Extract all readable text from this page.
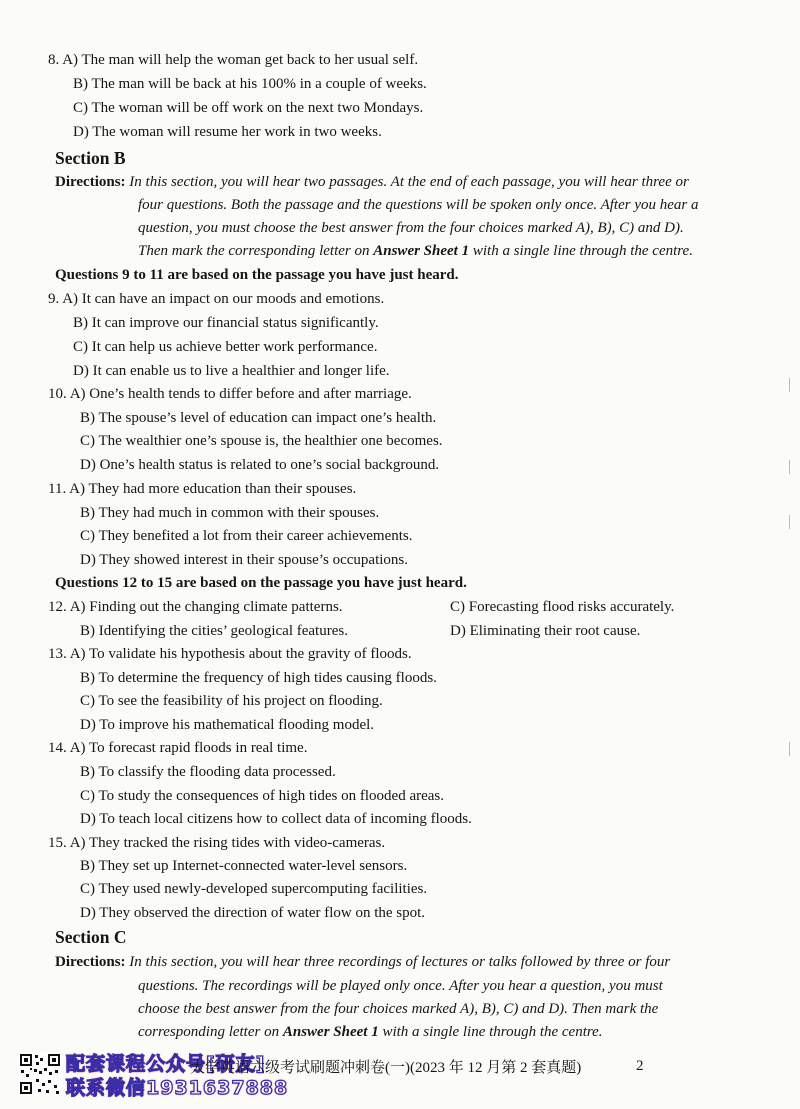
8. A) The man will help the woman get back to her usual self.
B) The man will be back at his 100% in a couple of weeks.
C) The woman will be off work on the next two Mondays.
D) The woman will resume her work in two weeks.
Section B
Directions: In this section, you will hear two passages. At the end of each passage, you will hear three or
four questions. Both the passage and the questions will be spoken only once. After you hear a
question, you must choose the best answer from the four choices marked A), B), C) and D).
Then mark the corresponding letter on Answer Sheet 1 with a single line through the centre.
Questions 9 to 11 are based on the passage you have just heard.
9. A) It can have an impact on our moods and emotions.
B) It can improve our financial status significantly.
C) It can help us achieve better work performance.
D) It can enable us to live a healthier and longer life.
10. A) One’s health tends to differ before and after marriage.
B) The spouse’s level of education can impact one’s health.
C) The wealthier one’s spouse is, the healthier one becomes.
D) One’s health status is related to one’s social background.
11. A) They had more education than their spouses.
B) They had much in common with their spouses.
C) They benefited a lot from their career achievements.
D) They showed interest in their spouse’s occupations.
Questions 12 to 15 are based on the passage you have just heard.
12. A) Finding out the changing climate patterns.	C) Forecasting flood risks accurately.
B) Identifying the cities’ geological features.	D) Eliminating their root cause.
13. A) To validate his hypothesis about the gravity of floods.
B) To determine the frequency of high tides causing floods.
C) To see the feasibility of his project on flooding.
D) To improve his mathematical flooding model.
14. A) To forecast rapid floods in real time.
B) To classify the flooding data processed.
C) To study the consequences of high tides on flooded areas.
D) To teach local citizens how to collect data of incoming floods.
15. A) They tracked the rising tides with video-cameras.
B) They set up Internet-connected water-level sensors.
C) They used newly-developed supercomputing facilities.
D) They observed the direction of water flow on the spot.
Section C
Directions: In this section, you will hear three recordings of lectures or talks followed by three or four
questions. The recordings will be played only once. After you hear a question, you must
choose the best answer from the four choices marked A), B), C) and D). Then mark the
corresponding letter on Answer Sheet 1 with a single line through the centre.
配套课程公众号[研友]
联系微信1931637888
大学英语六级考试刷题冲刺卷(一)(2023 年 12 月第 2 套真题)	2
